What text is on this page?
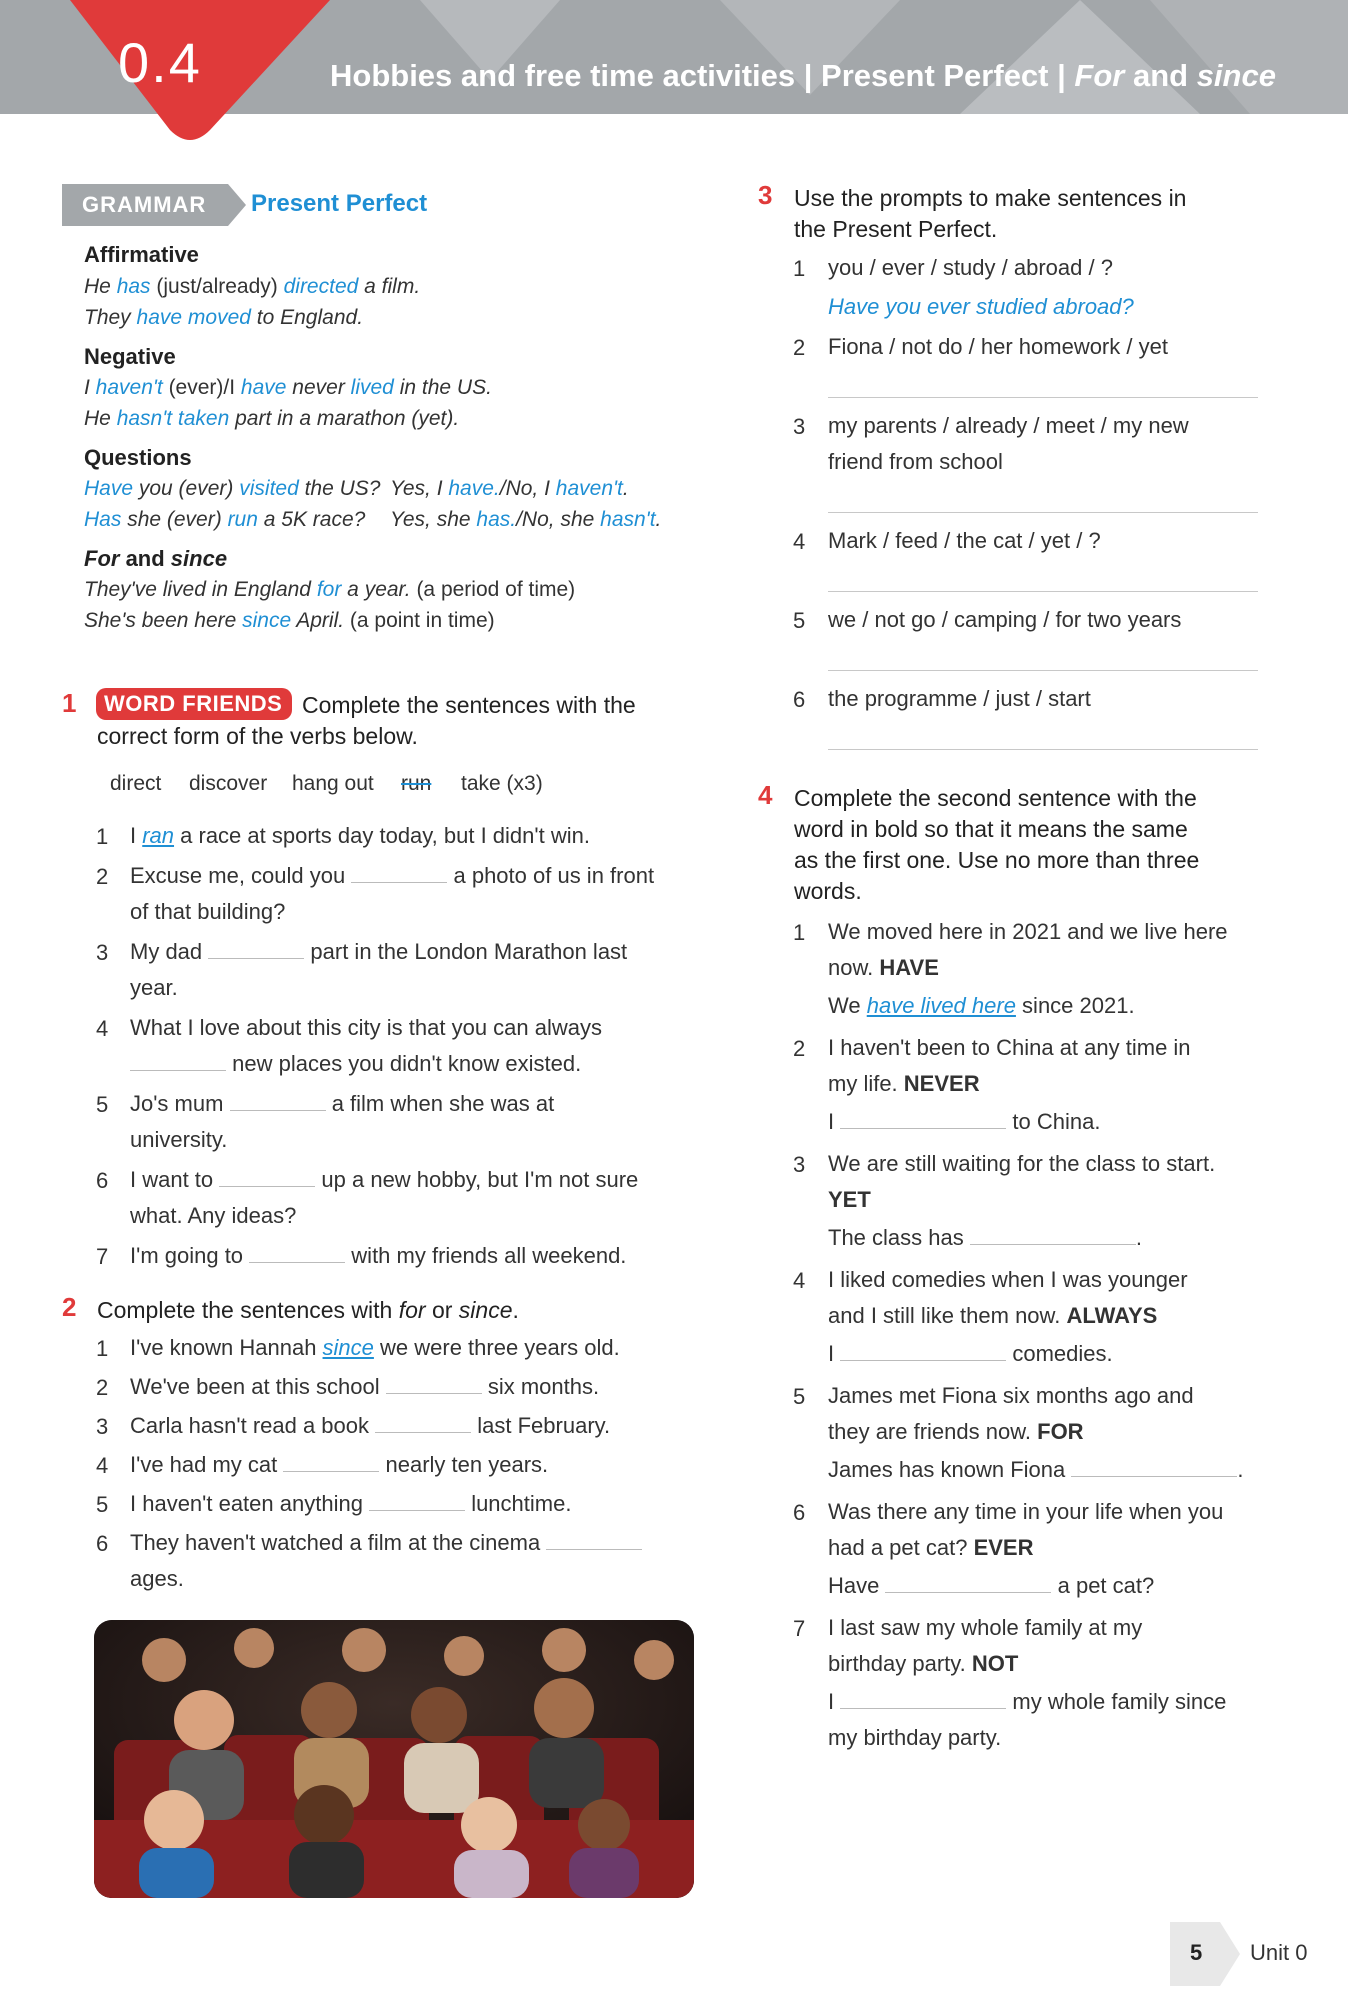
0.4	Hobbies and free time activities | Present Perfect | For and since
GRAMMAR Present Perfect
Affirmative
He has (just/already) directed a film.
They have moved to England.
Negative
I haven't (ever)/I have never lived in the US.
He hasn't taken part in a marathon (yet).
Questions
Have you (ever) visited the US? Yes, I have./No, I haven't.
Has she (ever) run a 5K race? Yes, she has./No, she hasn't.
For and since
They've lived in England for a year. (a period of time)
She's been here since April. (a point in time)
1 WORD FRIENDS Complete the sentences with the
correct form of the verbs below.
direct discover hang out run take (x3)
1 I ran a race at sports day today, but I didn't win.
2 Excuse me, could you	a photo of us in front
of that building?
3 My dad	part in the London Marathon last
year.
4 What I love about this city is that you can always
new places you didn't know existed.
5 Jo's mum	a film when she was at
university.
6 I want to	up a new hobby, but I'm not sure
what. Any ideas?
7 I'm going to	with my friends all weekend.
2 Complete the sentences with for or since.
1 I've known Hannah since we were three years old.
2 We've been at this school	six months.
3 Carla hasn't read a book	last February.
4 I've had my cat	nearly ten years.
5 I haven't eaten anything	lunchtime.
6 They haven't watched a film at the cinema
ages.
3 Use the prompts to make sentences in
the Present Perfect.
1 you / ever / study / abroad / ?
Have you ever studied abroad?
2 Fiona / not do / her homework / yet
3 my parents / already / meet / my new
friend from school
4 Mark / feed / the cat / yet / ?
5 we / not go / camping / for two years
6 the programme / just / start
4 Complete the second sentence with the
word in bold so that it means the same
as the first one. Use no more than three
words.
1 We moved here in 2021 and we live here
now. HAVE
We have lived here since 2021.
2 I haven't been to China at any time in
my life. NEVER
I	to China.
3 We are still waiting for the class to start.
YET
The class has	.
4 I liked comedies when I was younger
and I still like them now. ALWAYS
I	comedies.
5 James met Fiona six months ago and
they are friends now. FOR
James has known Fiona	.
6 Was there any time in your life when you
had a pet cat? EVER
Have	a pet cat?
7 I last saw my whole family at my
birthday party. NOT
I	my whole family since
my birthday party.
5 Unit 0
